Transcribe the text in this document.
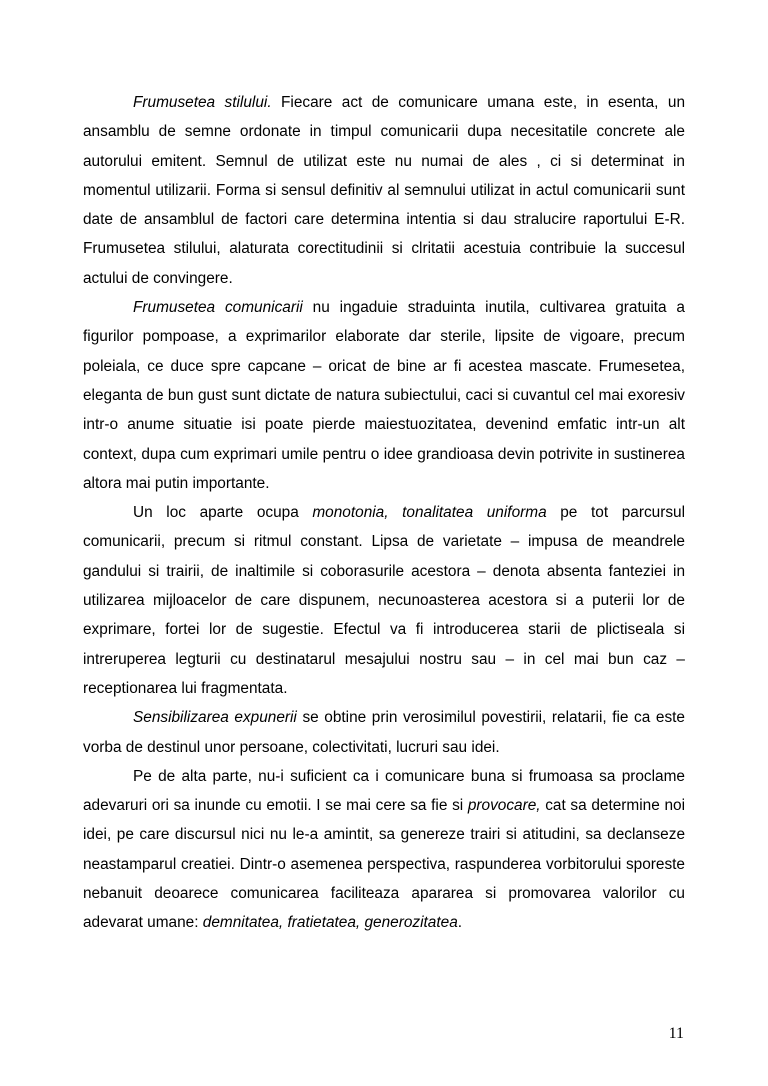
Frumusetea stilului. Fiecare act de comunicare umana este, in esenta, un ansamblu de semne ordonate in timpul comunicarii dupa necesitatile concrete ale autorului emitent. Semnul de utilizat este nu numai de ales , ci si determinat in momentul utilizarii. Forma si sensul definitiv al semnului utilizat in actul comunicarii sunt date de ansamblul de factori care determina intentia si dau stralucire raportului E-R. Frumusetea stilului, alaturata corectitudinii si clritatii acestuia contribuie la succesul actului de convingere.

Frumusetea comunicarii nu ingaduie straduinta inutila, cultivarea gratuita a figurilor pompoase, a exprimarilor elaborate dar sterile, lipsite de vigoare, precum poleiala, ce duce spre capcane – oricat de bine ar fi acestea mascate. Frumesetea, eleganta de bun gust sunt dictate de natura subiectului, caci si cuvantul cel mai exoresiv intr-o anume situatie isi poate pierde maiestuozitatea, devenind emfatic intr-un alt context, dupa cum exprimari umile pentru o idee grandioasa devin potrivite in sustinerea altora mai putin importante.

Un loc aparte ocupa monotonia, tonalitatea uniforma pe tot parcursul comunicarii, precum si ritmul constant. Lipsa de varietate – impusa de meandrele gandului si trairii, de inaltimile si coborasurile acestora – denota absenta fanteziei in utilizarea mijloacelor de care dispunem, necunoasterea acestora si a puterii lor de exprimare, fortei lor de sugestie. Efectul va fi introducerea starii de plictiseala si intreruperea legturii cu destinatarul mesajului nostru sau – in cel mai bun caz – receptionarea lui fragmentata.

Sensibilizarea expunerii se obtine prin verosimilul povestirii, relatarii, fie ca este vorba de destinul unor persoane, colectivitati, lucruri sau idei.

Pe de alta parte, nu-i suficient ca i comunicare buna si frumoasa sa proclame adevaruri ori sa inunde cu emotii. I se mai cere sa fie si provocare, cat sa determine noi idei, pe care discursul nici nu le-a amintit, sa genereze trairi si atitudini, sa declanseze neastamparul creatiei. Dintr-o asemenea perspectiva, raspunderea vorbitorului sporeste nebanuit deoarece comunicarea faciliteaza apararea si promovarea valorilor cu adevarat umane: demnitatea, fratietatea, generozitatea.

11
